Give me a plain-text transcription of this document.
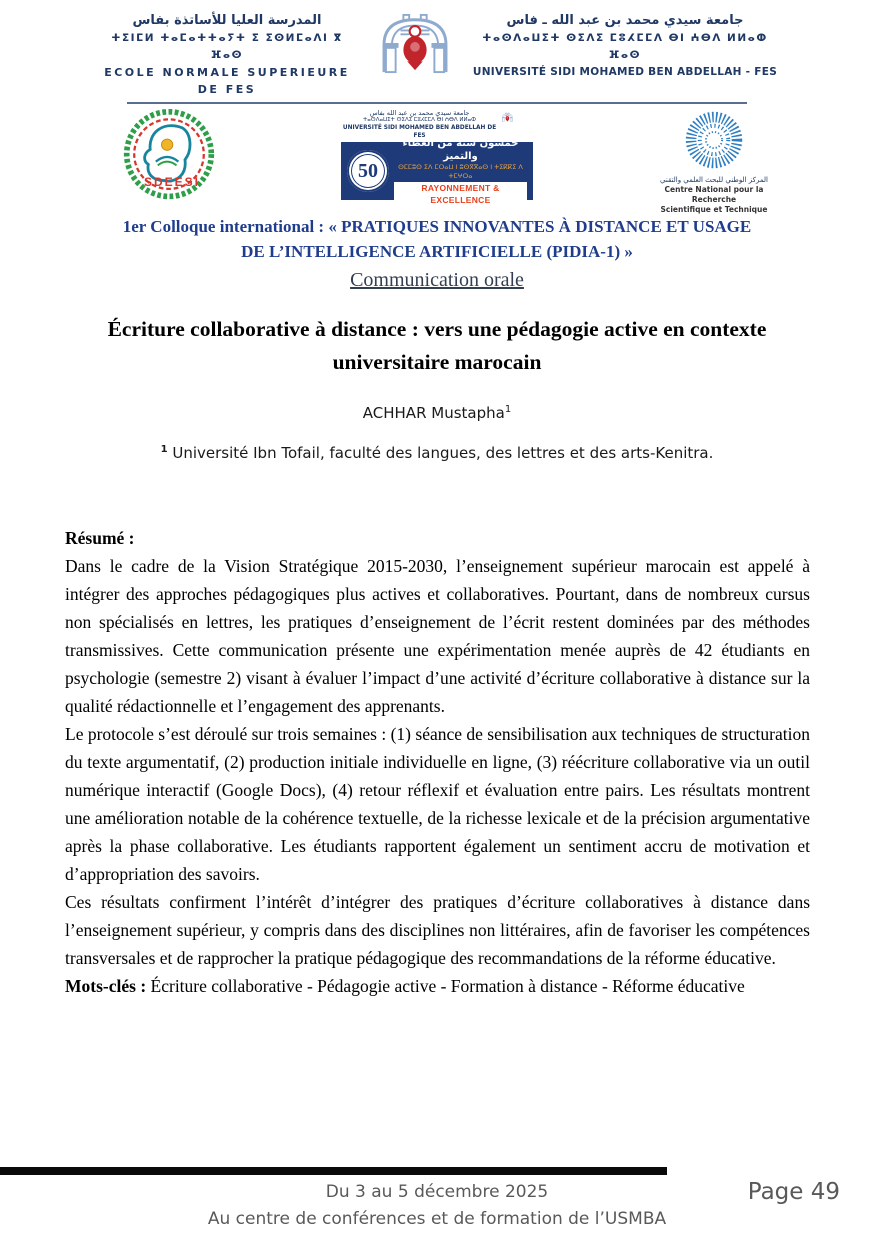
المدرسة العليا للأساتذة بفاس
ⵜⵉⵏⵎⵍ ⵜⴰⵎⴰⵜⵜⴰⵢⵜ ⵉ ⵉⵙⵍⵎⴰⴷⵏ ⴳ ⴼⴰⵙ
ECOLE NORMALE SUPERIEURE DE FES
جامعة سيدي محمد بن عبد الله ـ فاس
ⵜⴰⵙⴷⴰⵡⵉⵜ ⵙⵉⴷⵉ ⵎⵓⵃⵎⵎⴷ ⴱⵏ ⵄⴱⴷ ⵍⵍⴰⵀ ⴼⴰⵙ
UNIVERSITÉ SIDI MOHAMED BEN ABDELLAH - FES
SDEESI
جامعة سيدي محمد بن عبد الله بفاس
ⵜⴰⵙⴷⴰⵡⵉⵜ ⵙⵉⴷⵉ ⵎⵓⵃⵎⵎⴷ ⴱⵏ ⵄⴱⴷ ⵍⵍⴰⵀ
UNIVERSITÉ SIDI MOHAMED BEN ABDELLAH DE FES
50
خمسون سنة من العطاء والتميز
ⵙⵎⵎⵓⵙ ⵉⴷ ⵎⵔⴰⵡ ⵏ ⵓⵙⴳⴳⴰⵙ ⵏ ⵜⵉⴽⴽⵉ ⴷ ⵜⵎⵖⵔⴰ
RAYONNEMENT & EXCELLENCE
المركز الوطني للبحث العلمي والتقني
Centre National pour la Recherche
Scientifique et Technique
1er Colloque international : « PRATIQUES INNOVANTES À DISTANCE ET USAGE
DE L’INTELLIGENCE ARTIFICIELLE (PIDIA-1) »
Communication orale
Écriture collaborative à distance : vers une pédagogie active en contexte
universitaire marocain
ACHHAR Mustapha$^1$
$^1$ Université Ibn Tofail, faculté des langues, des lettres et des arts-Kenitra.

Résumé :

Dans le cadre de la Vision Stratégique 2015-2030, l’enseignement supérieur marocain est appelé à intégrer des approches pédagogiques plus actives et collaboratives. Pourtant, dans de nombreux cursus non spécialisés en lettres, les pratiques d’enseignement de l’écrit restent dominées par des méthodes transmissives. Cette communication présente une expérimentation menée auprès de 42 étudiants en psychologie (semestre 2) visant à évaluer l’impact d’une activité d’écriture collaborative à distance sur la qualité rédactionnelle et l’engagement des apprenants.

Le protocole s’est déroulé sur trois semaines : (1) séance de sensibilisation aux techniques de structuration du texte argumentatif, (2) production initiale individuelle en ligne, (3) réécriture collaborative via un outil numérique interactif (Google Docs), (4) retour réflexif et évaluation entre pairs. Les résultats montrent une amélioration notable de la cohérence textuelle, de la richesse lexicale et de la précision argumentative après la phase collaborative. Les étudiants rapportent également un sentiment accru de motivation et d’appropriation des savoirs.

Ces résultats confirment l’intérêt d’intégrer des pratiques d’écriture collaboratives à distance dans l’enseignement supérieur, y compris dans des disciplines non littéraires, afin de favoriser les compétences transversales et de rapprocher la pratique pédagogique des recommandations de la réforme éducative.

Mots-clés : Écriture collaborative - Pédagogie active - Formation à distance - Réforme éducative

Du 3 au 5 décembre 2025
Au centre de conférences et de formation de l’USMBA
Page 49
